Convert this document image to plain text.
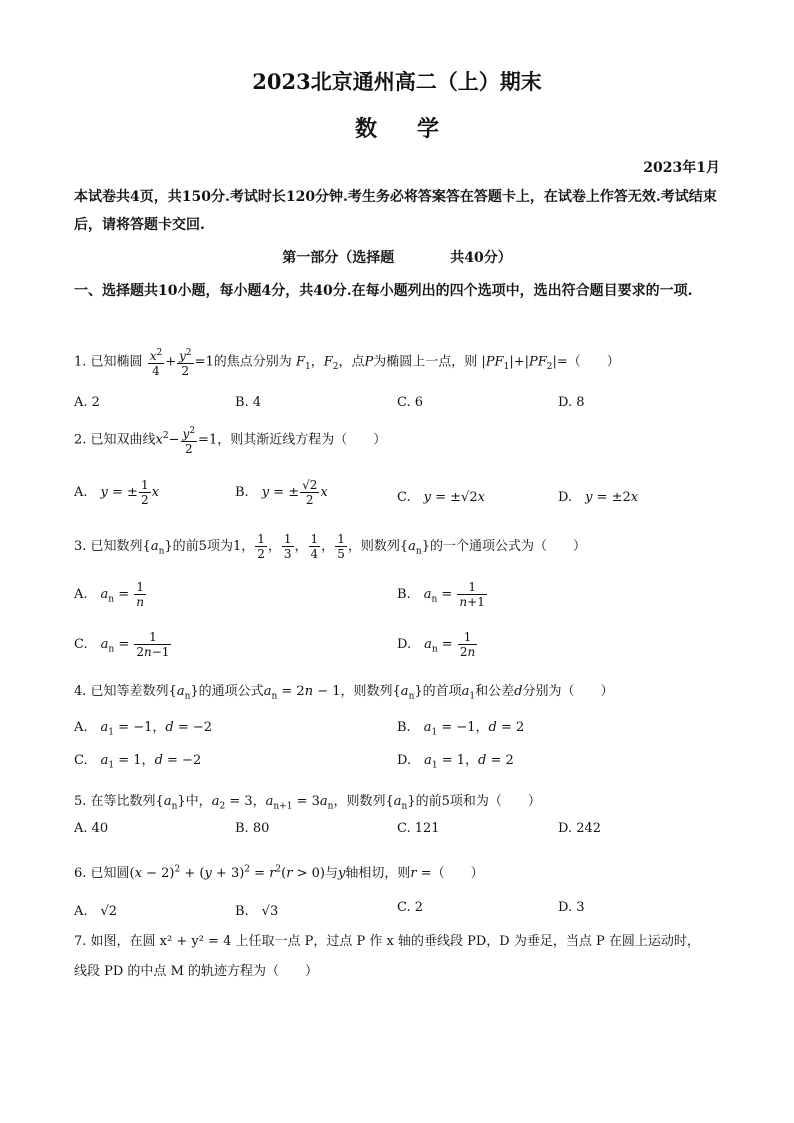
2023北京通州高二（上）期末
数学
2023年1月
本试卷共4页，共150分.考试时长120分钟.考生务必将答案答在答题卡上，在试卷上作答无效.考试结束后，请将答题卡交回.
第一部分（选择题　　　　共40分）
一、选择题共10小题，每小题4分，共40分.在每小题列出的四个选项中，选出符合题目要求的一项.
1. 已知椭圆 $\frac{x^2}{4} + \frac{y^2}{2} =1$的焦点分别为 $F_1$，$F_2$，点P为椭圆上一点，则 $|PF_1|+|PF_2|=$（　　）
A. 2	B. 4	C. 6	D. 8
2. 已知双曲线$x^2- \frac{y^2}{2} =1$，则其渐近线方程为（　　）
A.　y = ± $\frac{1}{2}$ x	B.　y = ± $\frac{√2}{2}$ x	C.　y = ±√2x	D.　y = ±2x
3. 已知数列$\{a_n\}$的前5项为1， $\frac{1}{2}$ ， $\frac{1}{3}$ ， $\frac{1}{4}$ ， $\frac{1}{5}$ ，则数列$\{a_n\}$的一个通项公式为（　　）
A.　$a_n = \frac{1}{n}$	B.　$a_n = \frac{1}{n+1}$
C.　$a_n = \frac{1}{2n-1}$	D.　$a_n = \frac{1}{2n}$
4. 已知等差数列$\{a_n\}$的通项公式$a_n = 2n - 1$，则数列$\{a_n\}$的首项$a_1$和公差d分别为（　　）
A.　$a_1 = -1$，d = −2	B.　$a_1 = -1$，d = 2
C.　$a_1 = 1$，d = −2	D.　$a_1 = 1$，d = 2
5. 在等比数列$\{a_n\}$中，$a_2 = 3$，$a_{n+1} = 3a_n$，则数列$\{a_n\}$的前5项和为（　　）
A. 40	B. 80	C. 121	D. 242
6. 已知圆$(x - 2)^2 + (y + 3)^2 = r^2(r > 0)$与y轴相切，则r =（　　）
A.　√2	B.　√3	C. 2	D. 3
7. 如图，在圆 x² + y² = 4 上任取一点 P，过点 P 作 x 轴的垂线段 PD，D 为垂足，当点 P 在圆上运动时，
线段 PD 的中点 M 的轨迹方程为（　　）
